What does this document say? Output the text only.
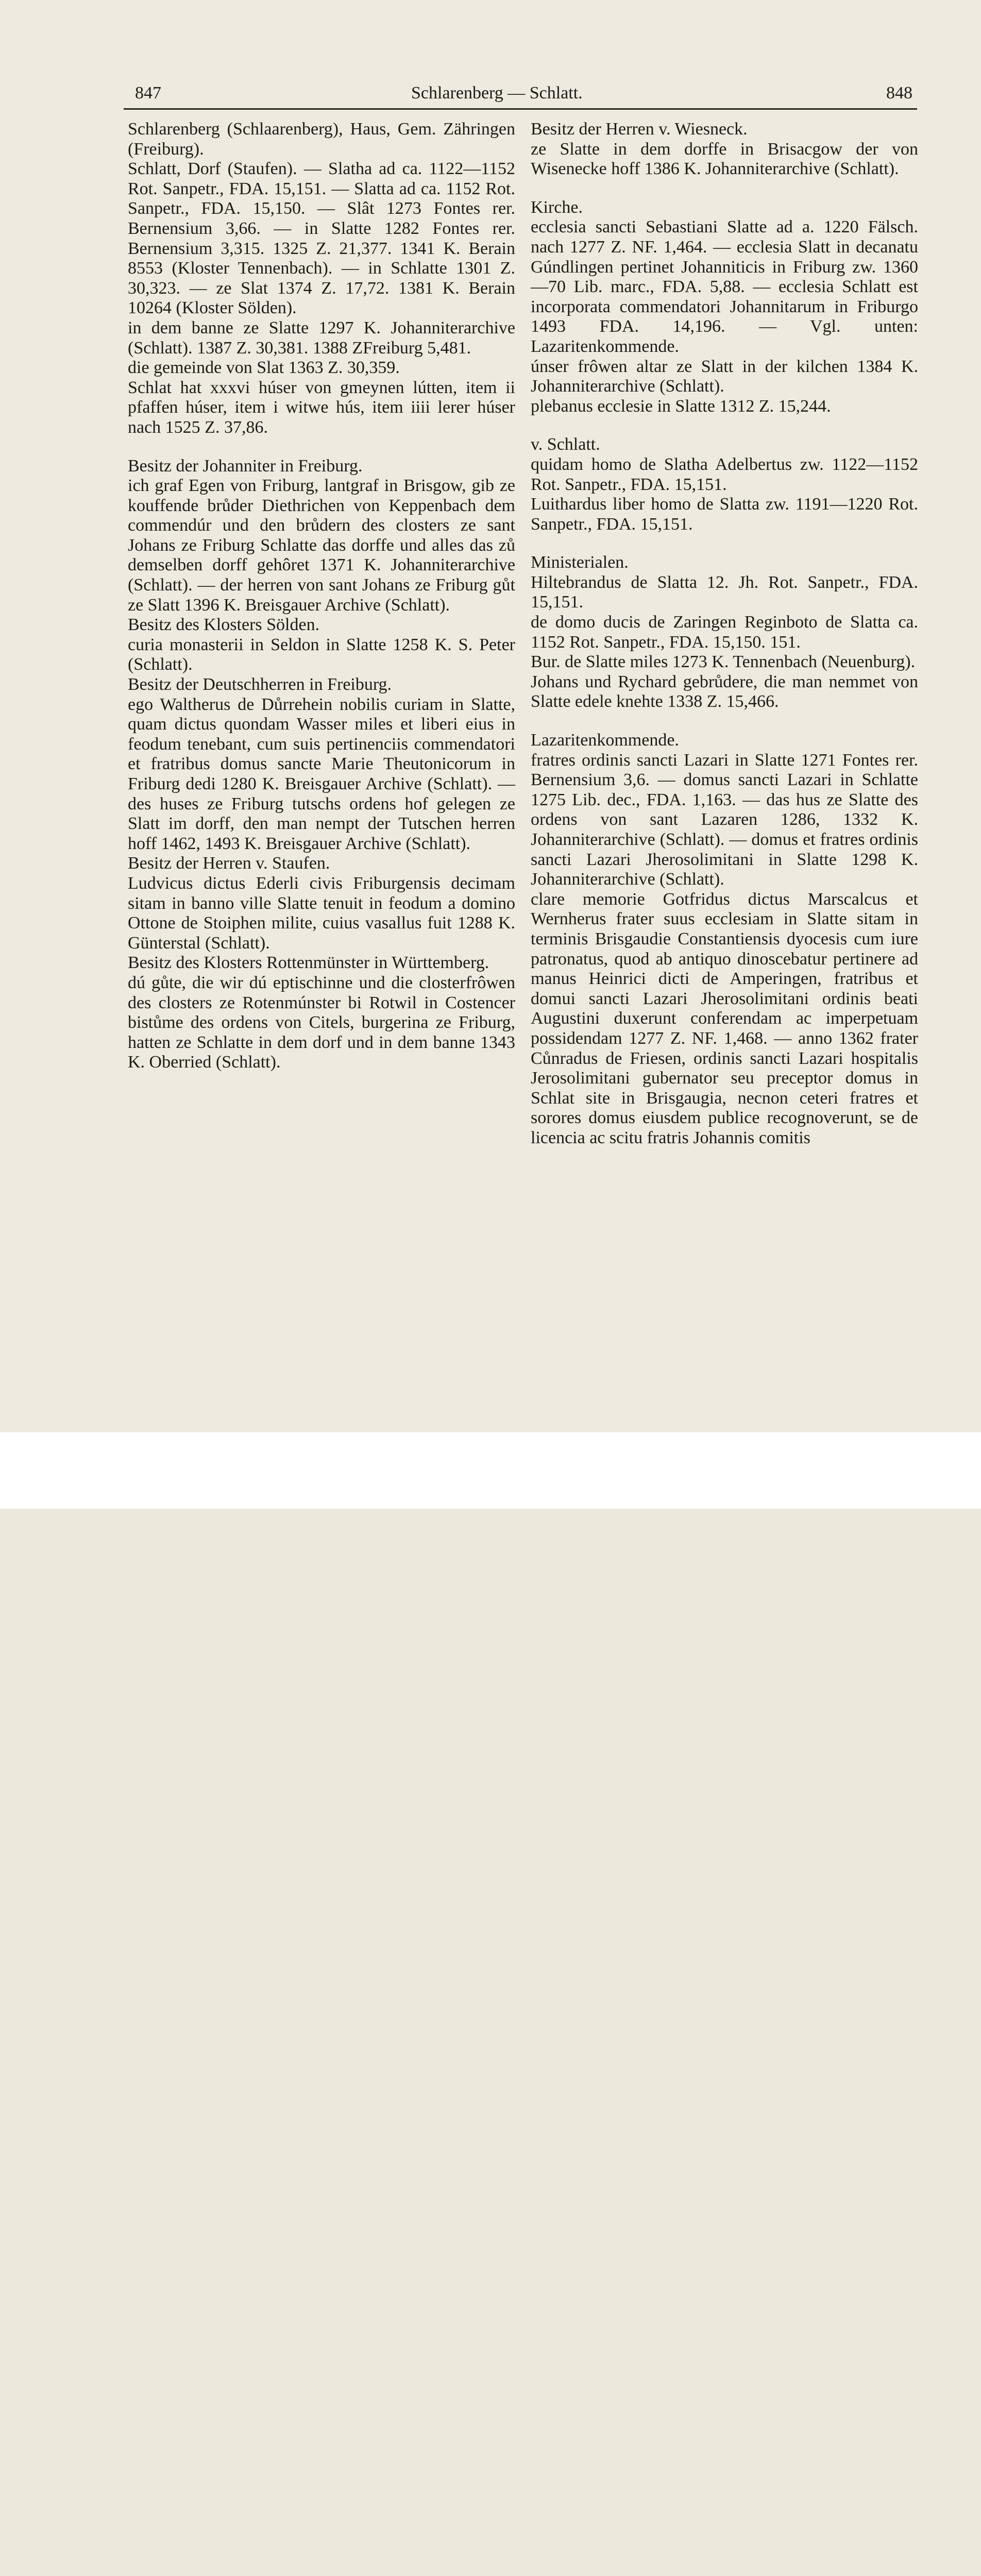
847	Schlarenberg — Schlatt.	848

Schlarenberg (Schlaarenberg), Haus, Gem. Zähringen (Freiburg).

Schlatt, Dorf (Staufen). — Slatha ad ca. 1122—1152 Rot. Sanpetr., FDA. 15,151. — Slatta ad ca. 1152 Rot. Sanpetr., FDA. 15,150. — Slât 1273 Fontes rer. Bernensium 3,66. — in Slatte 1282 Fontes rer. Bernensium 3,315. 1325 Z. 21,377. 1341 K. Berain 8553 (Kloster Tennenbach). — in Schlatte 1301 Z. 30,323. — ze Slat 1374 Z. 17,72. 1381 K. Berain 10264 (Kloster Sölden).

in dem banne ze Slatte 1297 K. Johanniterarchive (Schlatt). 1387 Z. 30,381. 1388 ZFreiburg 5,481.

die gemeinde von Slat 1363 Z. 30,359.

Schlat hat xxxvi húser von gmeynen lútten, item ii pfaffen húser, item i witwe hús, item iiii lerer húser nach 1525 Z. 37,86.

Besitz der Johanniter in Freiburg.

ich graf Egen von Friburg, lantgraf in Brisgow, gib ze kouffende brůder Diethrichen von Keppenbach dem commendúr und den brůdern des closters ze sant Johans ze Friburg Schlatte das dorffe und alles das zů demselben dorff gehôret 1371 K. Johanniterarchive (Schlatt). — der herren von sant Johans ze Friburg gůt ze Slatt 1396 K. Breisgauer Archive (Schlatt).

Besitz des Klosters Sölden.

curia monasterii in Seldon in Slatte 1258 K. S. Peter (Schlatt).

Besitz der Deutschherren in Freiburg.

ego Waltherus de Důrrehein nobilis curiam in Slatte, quam dictus quondam Wasser miles et liberi eius in feodum tenebant, cum suis pertinenciis commendatori et fratribus domus sancte Marie Theutonicorum in Friburg dedi 1280 K. Breisgauer Archive (Schlatt). — des huses ze Friburg tutschs ordens hof gelegen ze Slatt im dorff, den man nempt der Tutschen herren hoff 1462, 1493 K. Breisgauer Archive (Schlatt).

Besitz der Herren v. Staufen.

Ludvicus dictus Ederli civis Friburgensis decimam sitam in banno ville Slatte tenuit in feodum a domino Ottone de Stoiphen milite, cuius vasallus fuit 1288 K. Günterstal (Schlatt).

Besitz des Klosters Rottenmünster in Württemberg.

dú gůte, die wir dú eptischinne und die closterfrôwen des closters ze Rotenmúnster bi Rotwil in Costencer bistůme des ordens von Citels, burgerina ze Friburg, hatten ze Schlatte in dem dorf und in dem banne 1343 K. Oberried (Schlatt).

Besitz der Herren v. Wiesneck.

ze Slatte in dem dorffe in Brisacgow der von Wisenecke hoff 1386 K. Johanniterarchive (Schlatt).

Kirche.

ecclesia sancti Sebastiani Slatte ad a. 1220 Fälsch. nach 1277 Z. NF. 1,464. — ecclesia Slatt in decanatu Gúndlingen pertinet Johanniticis in Friburg zw. 1360—70 Lib. marc., FDA. 5,88. — ecclesia Schlatt est incorporata commendatori Johannitarum in Friburgo 1493 FDA. 14,196. — Vgl. unten: Lazaritenkommende.

únser frôwen altar ze Slatt in der kilchen 1384 K. Johanniterarchive (Schlatt).

plebanus ecclesie in Slatte 1312 Z. 15,244.

v. Schlatt.

quidam homo de Slatha Adelbertus zw. 1122—1152 Rot. Sanpetr., FDA. 15,151.

Luithardus liber homo de Slatta zw. 1191—1220 Rot. Sanpetr., FDA. 15,151.

Ministerialen.

Hiltebrandus de Slatta 12. Jh. Rot. Sanpetr., FDA. 15,151.

de domo ducis de Zaringen Reginboto de Slatta ca. 1152 Rot. Sanpetr., FDA. 15,150. 151.

Bur. de Slatte miles 1273 K. Tennenbach (Neuenburg).

Johans und Rychard gebrůdere, die man nemmet von Slatte edele knehte 1338 Z. 15,466.

Lazaritenkommende.

fratres ordinis sancti Lazari in Slatte 1271 Fontes rer. Bernensium 3,6. — domus sancti Lazari in Schlatte 1275 Lib. dec., FDA. 1,163. — das hus ze Slatte des ordens von sant Lazaren 1286, 1332 K. Johanniterarchive (Schlatt). — domus et fratres ordinis sancti Lazari Jherosolimitani in Slatte 1298 K. Johanniterarchive (Schlatt).

clare memorie Gotfridus dictus Marscalcus et Wernherus frater suus ecclesiam in Slatte sitam in terminis Brisgaudie Constantiensis dyocesis cum iure patronatus, quod ab antiquo dinoscebatur pertinere ad manus Heinrici dicti de Amperingen, fratribus et domui sancti Lazari Jherosolimitani ordinis beati Augustini duxerunt conferendam ac imperpetuam possidendam 1277 Z. NF. 1,468. — anno 1362 frater Cůnradus de Friesen, ordinis sancti Lazari hospitalis Jerosolimitani gubernator seu preceptor domus in Schlat site in Brisgaugia, necnon ceteri fratres et sorores domus eiusdem publice recognoverunt, se de licencia ac scitu fratris Johannis comitis
